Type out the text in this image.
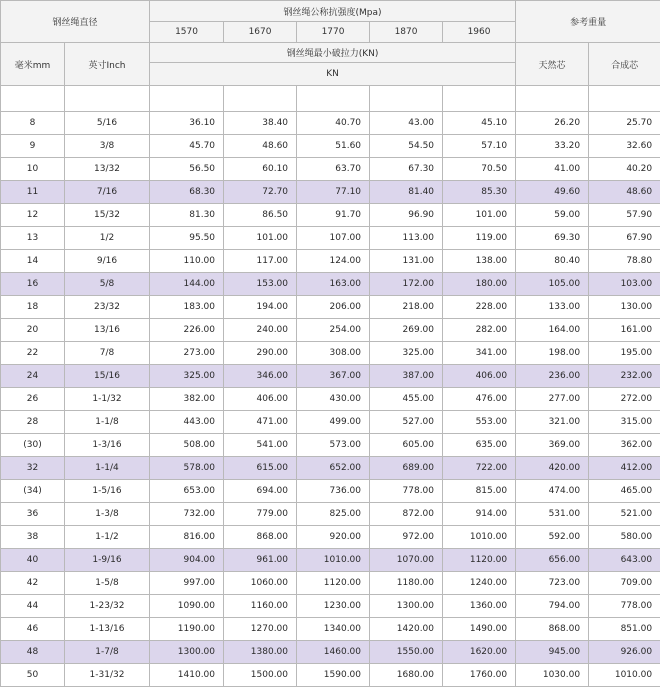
钢丝绳直径		钢丝绳公称抗强度(Mpa)					参考重量	
		1570	1670	1770	1870	1960		
毫米mm	英寸Inch	钢丝绳最小破拉力(KN)					天然芯	合成芯
		KN						

8	5/16	36.10	38.40	40.70	43.00	45.10	26.20	25.70
9	3/8	45.70	48.60	51.60	54.50	57.10	33.20	32.60
10	13/32	56.50	60.10	63.70	67.30	70.50	41.00	40.20
11	7/16	68.30	72.70	77.10	81.40	85.30	49.60	48.60
12	15/32	81.30	86.50	91.70	96.90	101.00	59.00	57.90
13	1/2	95.50	101.00	107.00	113.00	119.00	69.30	67.90
14	9/16	110.00	117.00	124.00	131.00	138.00	80.40	78.80
16	5/8	144.00	153.00	163.00	172.00	180.00	105.00	103.00
18	23/32	183.00	194.00	206.00	218.00	228.00	133.00	130.00
20	13/16	226.00	240.00	254.00	269.00	282.00	164.00	161.00
22	7/8	273.00	290.00	308.00	325.00	341.00	198.00	195.00
24	15/16	325.00	346.00	367.00	387.00	406.00	236.00	232.00
26	1-1/32	382.00	406.00	430.00	455.00	476.00	277.00	272.00
28	1-1/8	443.00	471.00	499.00	527.00	553.00	321.00	315.00
(30)	1-3/16	508.00	541.00	573.00	605.00	635.00	369.00	362.00
32	1-1/4	578.00	615.00	652.00	689.00	722.00	420.00	412.00
(34)	1-5/16	653.00	694.00	736.00	778.00	815.00	474.00	465.00
36	1-3/8	732.00	779.00	825.00	872.00	914.00	531.00	521.00
38	1-1/2	816.00	868.00	920.00	972.00	1010.00	592.00	580.00
40	1-9/16	904.00	961.00	1010.00	1070.00	1120.00	656.00	643.00
42	1-5/8	997.00	1060.00	1120.00	1180.00	1240.00	723.00	709.00
44	1-23/32	1090.00	1160.00	1230.00	1300.00	1360.00	794.00	778.00
46	1-13/16	1190.00	1270.00	1340.00	1420.00	1490.00	868.00	851.00
48	1-7/8	1300.00	1380.00	1460.00	1550.00	1620.00	945.00	926.00
50	1-31/32	1410.00	1500.00	1590.00	1680.00	1760.00	1030.00	1010.00
